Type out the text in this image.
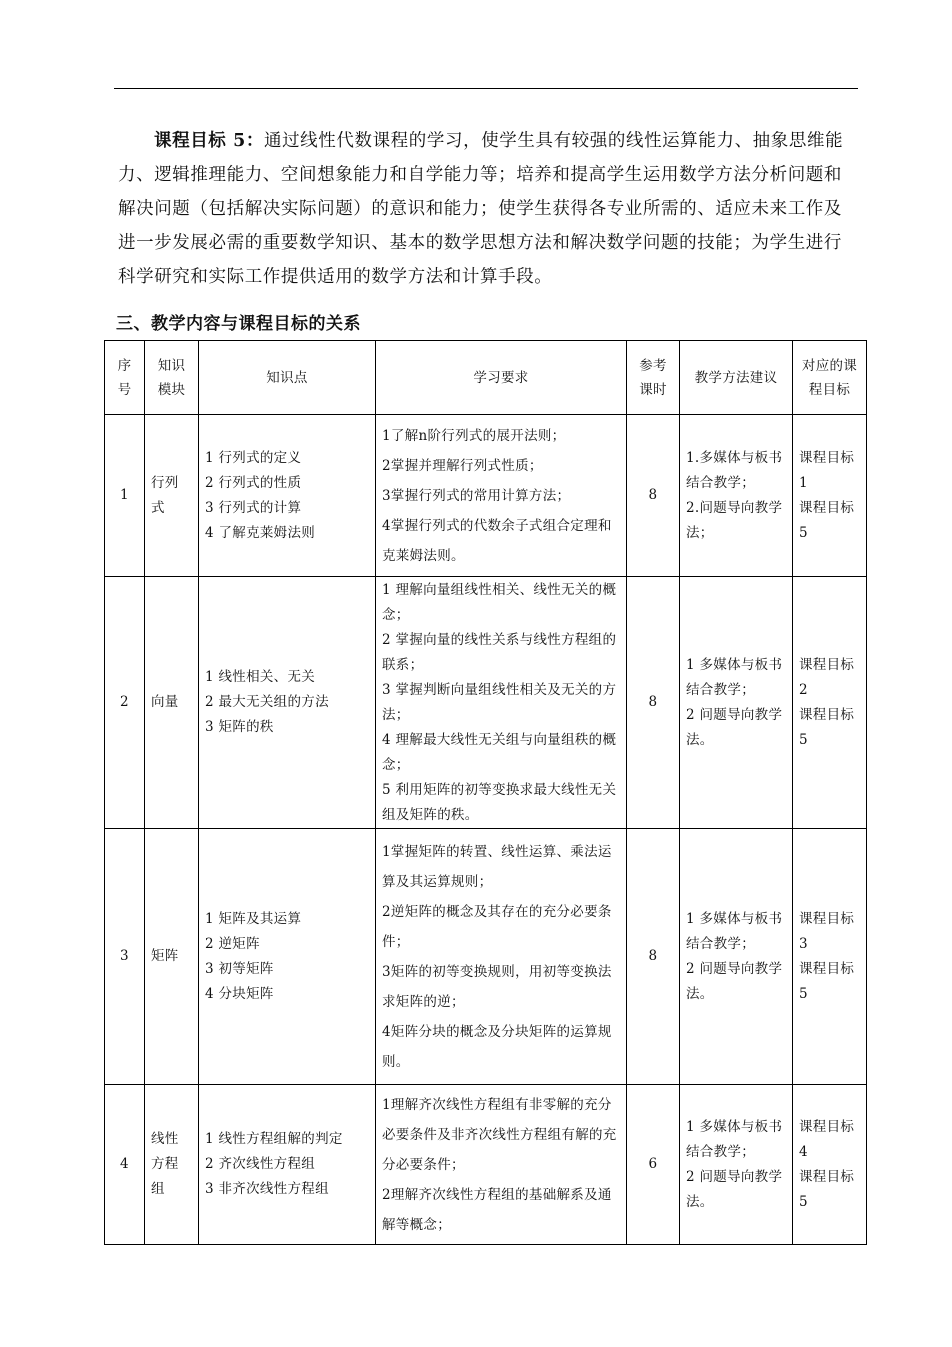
课程目标 5：通过线性代数课程的学习，使学生具有较强的线性运算能力、抽象思维能力、逻辑推理能力、空间想象能力和自学能力等；培养和提高学生运用数学方法分析问题和解决问题（包括解决实际问题）的意识和能力；使学生获得各专业所需的、适应未来工作及进一步发展必需的重要数学知识、基本的数学思想方法和解决数学问题的技能；为学生进行科学研究和实际工作提供适用的数学方法和计算手段。

三、教学内容与课程目标的关系
序号	知识模块	知识点	学习要求	参考课时	教学方法建议	对应的课程目标
1	行列式	1 行列式的定义
2 行列式的性质
3 行列式的计算
4 了解克莱姆法则	1了解n阶行列式的展开法则；
2掌握并理解行列式性质；
3掌握行列式的常用计算方法；
4掌握行列式的代数余子式组合定理和克莱姆法则。	8	1.多媒体与板书结合教学；
2.问题导向教学法；	课程目标 1
课程目标 5

2	向量	1 线性相关、无关
2 最大无关组的方法
3 矩阵的秩	1 理解向量组线性相关、线性无关的概念；
2 掌握向量的线性关系与线性方程组的联系；
3 掌握判断向量组线性相关及无关的方法；
4 理解最大线性无关组与向量组秩的概念；
5 利用矩阵的初等变换求最大线性无关组及矩阵的秩。	8	1 多媒体与板书结合教学；
2 问题导向教学法。	课程目标 2
课程目标 5

3	矩阵	1 矩阵及其运算
2 逆矩阵
3 初等矩阵
4 分块矩阵	1掌握矩阵的转置、线性运算、乘法运算及其运算规则；
2逆矩阵的概念及其存在的充分必要条件；
3矩阵的初等变换规则，用初等变换法求矩阵的逆；
4矩阵分块的概念及分块矩阵的运算规则。	8	1 多媒体与板书结合教学；
2 问题导向教学法。	课程目标 3
课程目标 5

4	线性方程组	1 线性方程组解的判定
2 齐次线性方程组
3 非齐次线性方程组	1理解齐次线性方程组有非零解的充分必要条件及非齐次线性方程组有解的充分必要条件；
2理解齐次线性方程组的基础解系及通解等概念；	6	1 多媒体与板书结合教学；
2 问题导向教学法。	课程目标 4
课程目标 5
